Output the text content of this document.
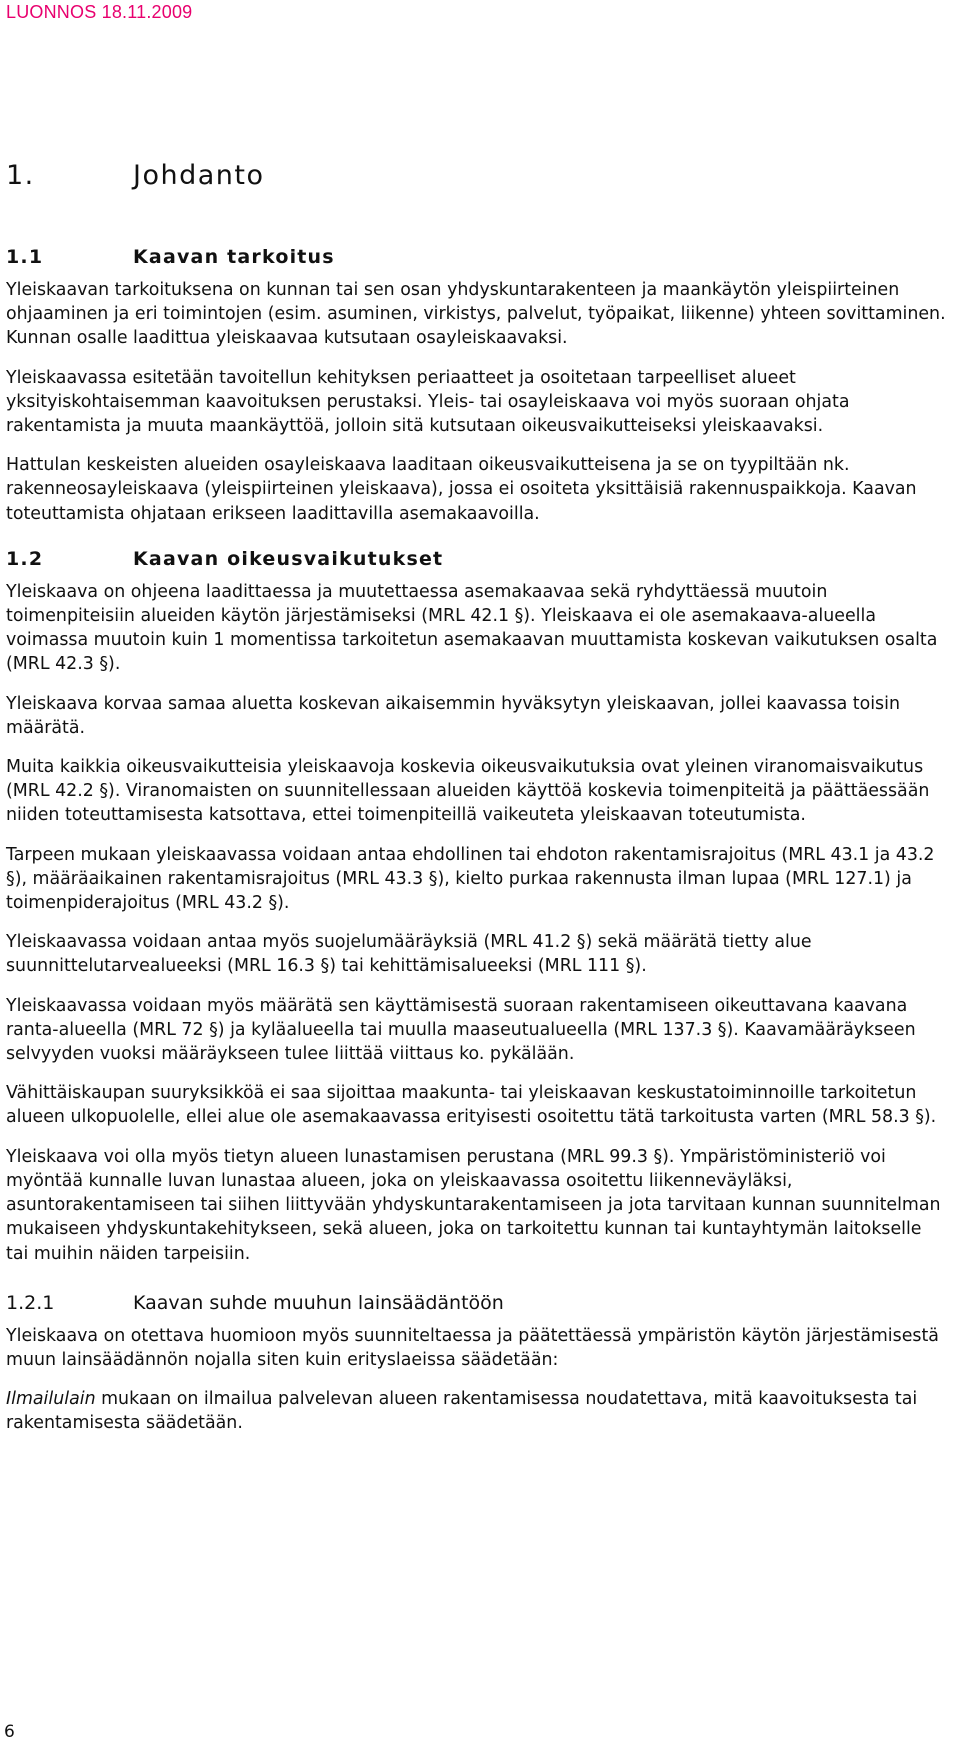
LUONNOS 18.11.2009
1.	Johdanto
1.1	Kaavan tarkoitus

Yleiskaavan tarkoituksena on kunnan tai sen osan yhdyskuntarakenteen ja maankäytön yleispiirteinen ohjaaminen ja eri toimintojen (esim. asuminen, virkistys, palvelut, työpaikat, liikenne) yhteen sovittaminen. Kunnan osalle laadittua yleiskaavaa kutsutaan osayleiskaavaksi.

Yleiskaavassa esitetään tavoitellun kehityksen periaatteet ja osoitetaan tarpeelliset alueet yksityiskohtaisemman kaavoituksen perustaksi. Yleis- tai osayleiskaava voi myös suoraan ohjata rakentamista ja muuta maankäyttöä, jolloin sitä kutsutaan oikeusvaikutteiseksi yleiskaavaksi.

Hattulan keskeisten alueiden osayleiskaava laaditaan oikeusvaikutteisena ja se on tyypiltään nk. rakenneosayleiskaava (yleispiirteinen yleiskaava), jossa ei osoiteta yksittäisiä rakennuspaikkoja. Kaavan toteuttamista ohjataan erikseen laadittavilla asemakaavoilla.

1.2	Kaavan oikeusvaikutukset

Yleiskaava on ohjeena laadittaessa ja muutettaessa asemakaavaa sekä ryhdyttäessä muutoin toimenpiteisiin alueiden käytön järjestämiseksi (MRL 42.1 §). Yleiskaava ei ole asemakaava-alueella voimassa muutoin kuin 1 momentissa tarkoitetun asemakaavan muuttamista koskevan vaikutuksen osalta (MRL 42.3 §).

Yleiskaava korvaa samaa aluetta koskevan aikaisemmin hyväksytyn yleiskaavan, jollei kaavassa toisin määrätä.

Muita kaikkia oikeusvaikutteisia yleiskaavoja koskevia oikeusvaikutuksia ovat yleinen viranomaisvaikutus (MRL 42.2 §). Viranomaisten on suunnitellessaan alueiden käyttöä koskevia toimenpiteitä ja päättäessään niiden toteuttamisesta katsottava, ettei toimenpiteillä vaikeuteta yleiskaavan toteutumista.

Tarpeen mukaan yleiskaavassa voidaan antaa ehdollinen tai ehdoton rakentamisrajoitus (MRL 43.1 ja 43.2 §), määräaikainen rakentamisrajoitus (MRL 43.3 §), kielto purkaa rakennusta ilman lupaa (MRL 127.1) ja toimenpiderajoitus (MRL 43.2 §).

Yleiskaavassa voidaan antaa myös suojelumääräyksiä (MRL 41.2 §) sekä määrätä tietty alue suunnittelutarvealueeksi (MRL 16.3 §) tai kehittämisalueeksi (MRL 111 §).

Yleiskaavassa voidaan myös määrätä sen käyttämisestä suoraan rakentamiseen oikeuttavana kaavana ranta-alueella (MRL 72 §) ja kyläalueella tai muulla maaseutualueella (MRL 137.3 §). Kaavamääräykseen selvyyden vuoksi määräykseen tulee liittää viittaus ko. pykälään.

Vähittäiskaupan suuryksikköä ei saa sijoittaa maakunta- tai yleiskaavan keskustatoiminnoille tarkoitetun alueen ulkopuolelle, ellei alue ole asemakaavassa erityisesti osoitettu tätä tarkoitusta varten (MRL 58.3 §).

Yleiskaava voi olla myös tietyn alueen lunastamisen perustana (MRL 99.3 §). Ympäristöministeriö voi myöntää kunnalle luvan lunastaa alueen, joka on yleiskaavassa osoitettu liikenneväyläksi, asuntorakentamiseen tai siihen liittyvään yhdyskuntarakentamiseen ja jota tarvitaan kunnan suunnitelman mukaiseen yhdyskuntakehitykseen, sekä alueen, joka on tarkoitettu kunnan tai kuntayhtymän laitokselle tai muihin näiden tarpeisiin.

1.2.1	Kaavan suhde muuhun lainsäädäntöön

Yleiskaava on otettava huomioon myös suunniteltaessa ja päätettäessä ympäristön käytön järjestämisestä muun lainsäädännön nojalla siten kuin erityslaeissa säädetään:

Ilmailulain mukaan on ilmailua palvelevan alueen rakentamisessa noudatettava, mitä kaavoituksesta tai rakentamisesta säädetään.

6
